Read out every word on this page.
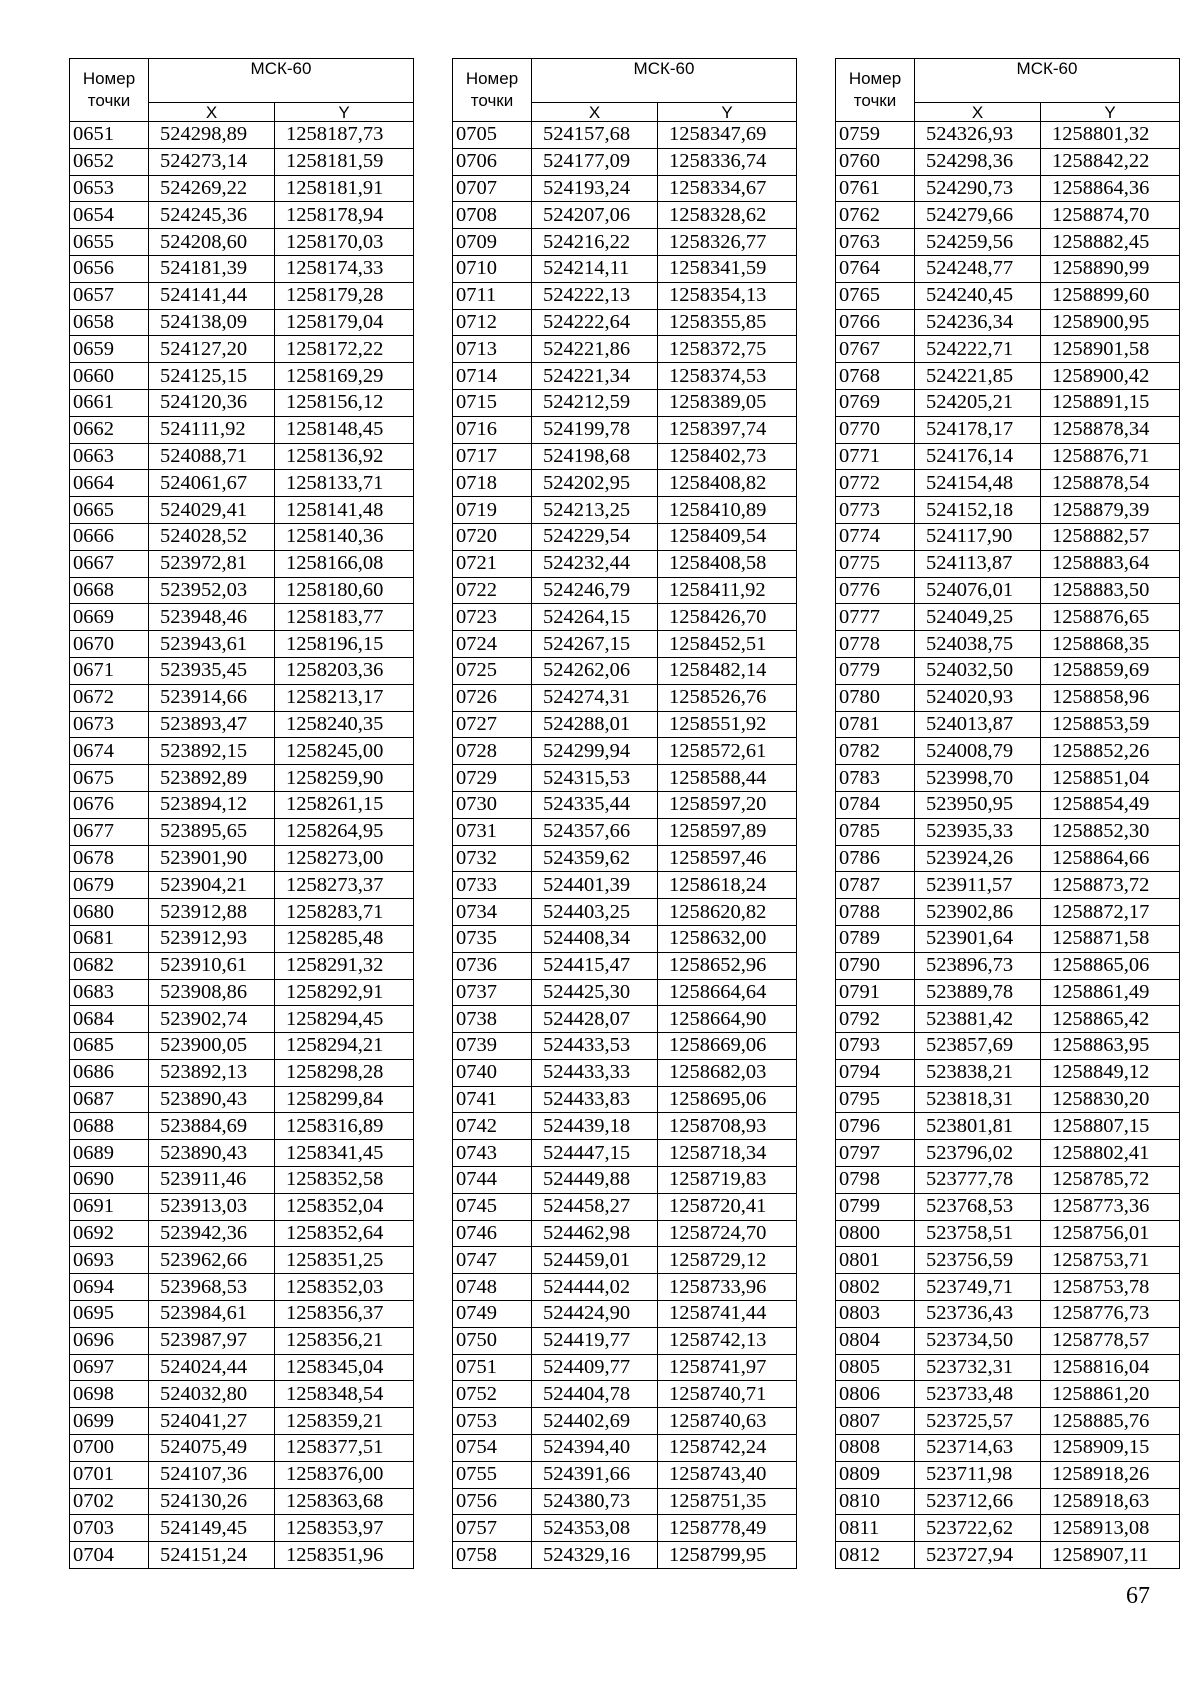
Номер точки	МСК-60	
	X	Y
0651	524298,89	1258187,73
0652	524273,14	1258181,59
0653	524269,22	1258181,91
0654	524245,36	1258178,94
0655	524208,60	1258170,03
0656	524181,39	1258174,33
0657	524141,44	1258179,28
0658	524138,09	1258179,04
0659	524127,20	1258172,22
0660	524125,15	1258169,29
0661	524120,36	1258156,12
0662	524111,92	1258148,45
0663	524088,71	1258136,92
0664	524061,67	1258133,71
0665	524029,41	1258141,48
0666	524028,52	1258140,36
0667	523972,81	1258166,08
0668	523952,03	1258180,60
0669	523948,46	1258183,77
0670	523943,61	1258196,15
0671	523935,45	1258203,36
0672	523914,66	1258213,17
0673	523893,47	1258240,35
0674	523892,15	1258245,00
0675	523892,89	1258259,90
0676	523894,12	1258261,15
0677	523895,65	1258264,95
0678	523901,90	1258273,00
0679	523904,21	1258273,37
0680	523912,88	1258283,71
0681	523912,93	1258285,48
0682	523910,61	1258291,32
0683	523908,86	1258292,91
0684	523902,74	1258294,45
0685	523900,05	1258294,21
0686	523892,13	1258298,28
0687	523890,43	1258299,84
0688	523884,69	1258316,89
0689	523890,43	1258341,45
0690	523911,46	1258352,58
0691	523913,03	1258352,04
0692	523942,36	1258352,64
0693	523962,66	1258351,25
0694	523968,53	1258352,03
0695	523984,61	1258356,37
0696	523987,97	1258356,21
0697	524024,44	1258345,04
0698	524032,80	1258348,54
0699	524041,27	1258359,21
0700	524075,49	1258377,51
0701	524107,36	1258376,00
0702	524130,26	1258363,68
0703	524149,45	1258353,97
0704	524151,24	1258351,96
Номер точки	МСК-60	
	X	Y
0705	524157,68	1258347,69
0706	524177,09	1258336,74
0707	524193,24	1258334,67
0708	524207,06	1258328,62
0709	524216,22	1258326,77
0710	524214,11	1258341,59
0711	524222,13	1258354,13
0712	524222,64	1258355,85
0713	524221,86	1258372,75
0714	524221,34	1258374,53
0715	524212,59	1258389,05
0716	524199,78	1258397,74
0717	524198,68	1258402,73
0718	524202,95	1258408,82
0719	524213,25	1258410,89
0720	524229,54	1258409,54
0721	524232,44	1258408,58
0722	524246,79	1258411,92
0723	524264,15	1258426,70
0724	524267,15	1258452,51
0725	524262,06	1258482,14
0726	524274,31	1258526,76
0727	524288,01	1258551,92
0728	524299,94	1258572,61
0729	524315,53	1258588,44
0730	524335,44	1258597,20
0731	524357,66	1258597,89
0732	524359,62	1258597,46
0733	524401,39	1258618,24
0734	524403,25	1258620,82
0735	524408,34	1258632,00
0736	524415,47	1258652,96
0737	524425,30	1258664,64
0738	524428,07	1258664,90
0739	524433,53	1258669,06
0740	524433,33	1258682,03
0741	524433,83	1258695,06
0742	524439,18	1258708,93
0743	524447,15	1258718,34
0744	524449,88	1258719,83
0745	524458,27	1258720,41
0746	524462,98	1258724,70
0747	524459,01	1258729,12
0748	524444,02	1258733,96
0749	524424,90	1258741,44
0750	524419,77	1258742,13
0751	524409,77	1258741,97
0752	524404,78	1258740,71
0753	524402,69	1258740,63
0754	524394,40	1258742,24
0755	524391,66	1258743,40
0756	524380,73	1258751,35
0757	524353,08	1258778,49
0758	524329,16	1258799,95
Номер точки	МСК-60	
	X	Y
0759	524326,93	1258801,32
0760	524298,36	1258842,22
0761	524290,73	1258864,36
0762	524279,66	1258874,70
0763	524259,56	1258882,45
0764	524248,77	1258890,99
0765	524240,45	1258899,60
0766	524236,34	1258900,95
0767	524222,71	1258901,58
0768	524221,85	1258900,42
0769	524205,21	1258891,15
0770	524178,17	1258878,34
0771	524176,14	1258876,71
0772	524154,48	1258878,54
0773	524152,18	1258879,39
0774	524117,90	1258882,57
0775	524113,87	1258883,64
0776	524076,01	1258883,50
0777	524049,25	1258876,65
0778	524038,75	1258868,35
0779	524032,50	1258859,69
0780	524020,93	1258858,96
0781	524013,87	1258853,59
0782	524008,79	1258852,26
0783	523998,70	1258851,04
0784	523950,95	1258854,49
0785	523935,33	1258852,30
0786	523924,26	1258864,66
0787	523911,57	1258873,72
0788	523902,86	1258872,17
0789	523901,64	1258871,58
0790	523896,73	1258865,06
0791	523889,78	1258861,49
0792	523881,42	1258865,42
0793	523857,69	1258863,95
0794	523838,21	1258849,12
0795	523818,31	1258830,20
0796	523801,81	1258807,15
0797	523796,02	1258802,41
0798	523777,78	1258785,72
0799	523768,53	1258773,36
0800	523758,51	1258756,01
0801	523756,59	1258753,71
0802	523749,71	1258753,78
0803	523736,43	1258776,73
0804	523734,50	1258778,57
0805	523732,31	1258816,04
0806	523733,48	1258861,20
0807	523725,57	1258885,76
0808	523714,63	1258909,15
0809	523711,98	1258918,26
0810	523712,66	1258918,63
0811	523722,62	1258913,08
0812	523727,94	1258907,11
67
